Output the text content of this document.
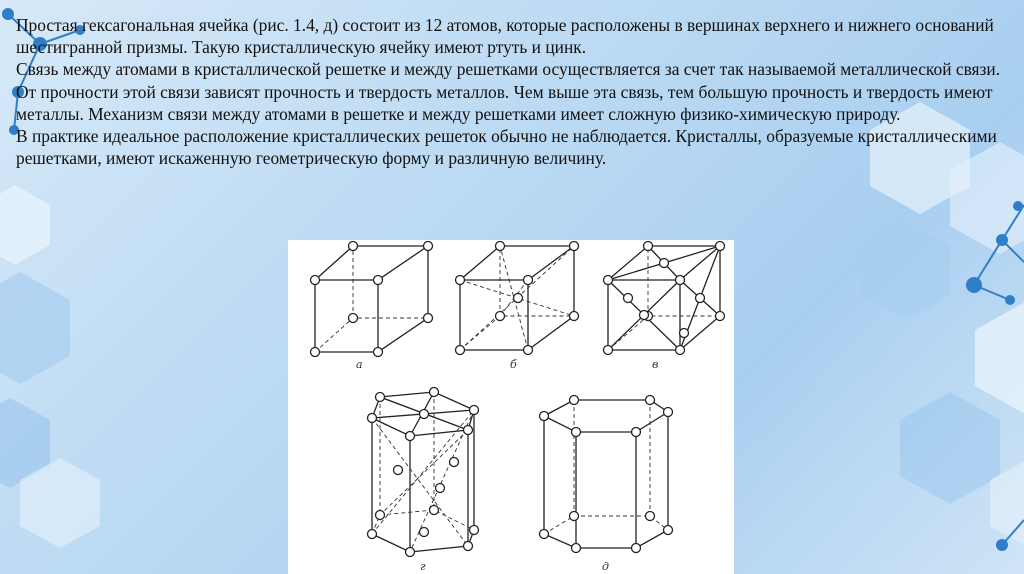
Простая гексагональная ячейка (рис. 1.4, д) состоит из 12 атомов, которые расположены в вершинах верхнего и нижнего оснований шестигранной призмы. Такую кристаллическую ячейку имеют ртуть и цинк.

Связь между атомами в кристаллической решетке и между решетками осуществляется за счет так называемой металлической связи. От прочности этой связи зависят прочность и твердость металлов. Чем выше эта связь, тем большую прочность и твердость имеют металлы. Механизм связи между атомами в решетке и между решетками имеет сложную физико-химическую природу.

В практике идеальное расположение кристаллических решеток обычно не наблюдается. Кристаллы, образуемые кристаллическими решетками, имеют искаженную геометрическую форму и различную величину.

а	б	в
г	д
